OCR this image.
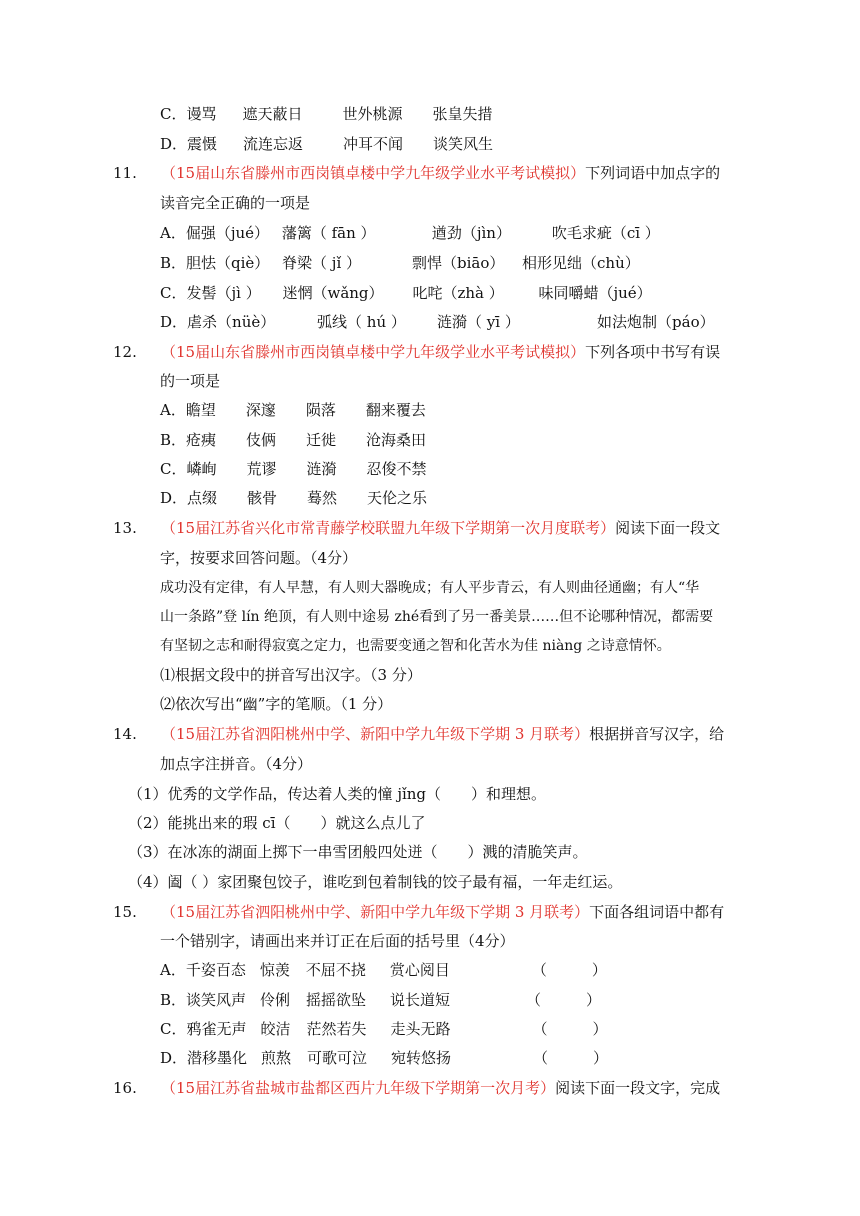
C．谩骂 遮天蔽日	世外桃源 张皇失措
D．震慑 流连忘返	冲耳不闻 谈笑风生
11. （15届山东省滕州市西岗镇卓楼中学九年级学业水平考试模拟）下列词语中加点字的
读音完全正确的一项是
A．倔强（jué） 藩篱（ fān ）	遒劲（jìn）	吹毛求疵（cī ）
B．胆怯（qiè） 脊梁（ jǐ ）	剽悍（biāo） 相形见绌（chù）
C．发髻（jì ） 迷惘（wǎng） 叱咤（zhà ） 味同嚼蜡（jué）
D．虐杀（nüè）	弧线（ hú ） 涟漪（ yī ）	如法炮制（páo）
12. （15届山东省滕州市西岗镇卓楼中学九年级学业水平考试模拟）下列各项中书写有误
的一项是
A．瞻望 深邃 陨落 翻来覆去
B．疮痍 伎俩 迁徙 沧海桑田
C．嶙峋 荒谬 涟漪 忍俊不禁
D．点缀 骸骨 蓦然 天伦之乐
13. （15届江苏省兴化市常青藤学校联盟九年级下学期第一次月度联考）阅读下面一段文
字，按要求回答问题。（4分）
成功没有定律，有人早慧，有人则大器晚成；有人平步青云，有人则曲径通幽；有人“华
山一条路”登 lín 绝顶，有人则中途易 zhé看到了另一番美景……但不论哪种情况，都需要
有坚韧之志和耐得寂寞之定力，也需要变通之智和化苦水为佳 niàng 之诗意情怀。
⑴根据文段中的拼音写出汉字。（3 分）
⑵依次写出“幽”字的笔顺。（1 分）
14. （15届江苏省泗阳桃州中学、新阳中学九年级下学期 3 月联考）根据拼音写汉字，给
加点字注拼音。（4分）
（1）优秀的文学作品，传达着人类的憧 jǐng（　　）和理想。
（2）能挑出来的瑕 cī（　　）就这么点儿了
（3）在冰冻的湖面上掷下一串雪团般四处迸（　　）溅的清脆笑声。
（4）阖（ ）家团聚包饺子，谁吃到包着制钱的饺子最有福，一年走红运。
15. （15届江苏省泗阳桃州中学、新阳中学九年级下学期 3 月联考）下面各组词语中都有
一个错别字，请画出来并订正在后面的括号里（4分）
A．千姿百态 惊羡 不屈不挠 赏心阅目	（　　　）
B．谈笑风声 伶俐 摇摇欲坠 说长道短	（　　　）
C．鸦雀无声 皎洁 茫然若失 走头无路	（　　　）
D．潜移墨化 煎熬 可歌可泣 宛转悠扬	（　　　）
16. （15届江苏省盐城市盐都区西片九年级下学期第一次月考）阅读下面一段文字，完成
